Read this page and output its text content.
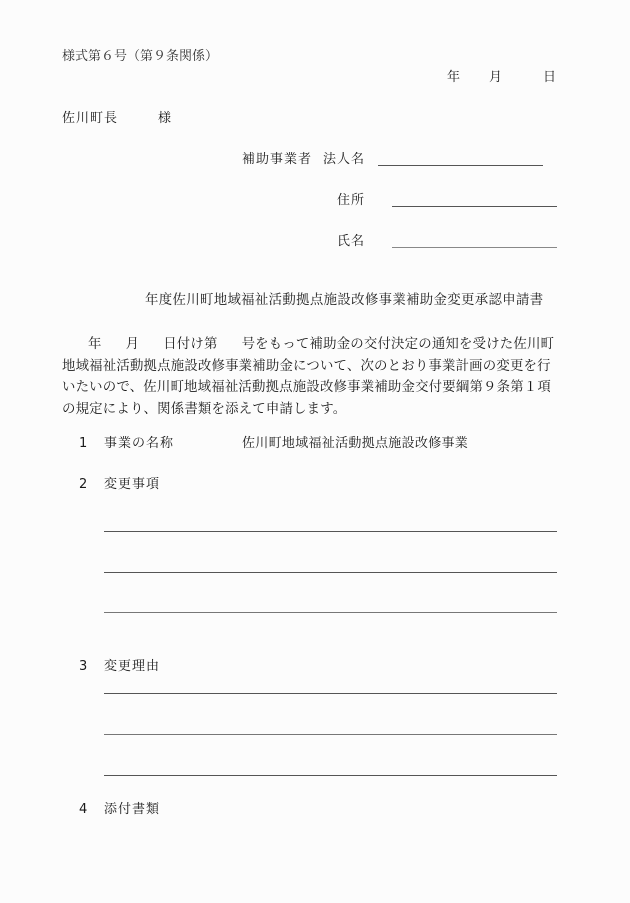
様式第６号（第９条関係）
年 月	日
佐川町長	様
補助事業者 法人名
住所
氏名
年度佐川町地域福祉活動拠点施設改修事業補助金変更承認申請書
年 月 日付け第 号をもって補助金の交付決定の通知を受けた佐川町地域福祉活動拠点施設改修事業補助金について、次のとおり事業計画の変更を行いたいので、佐川町地域福祉活動拠点施設改修事業補助金交付要綱第９条第１項の規定により、関係書類を添えて申請します。
1 事業の名称	佐川町地域福祉活動拠点施設改修事業
2 変更事項
3 変更理由
4 添付書類
